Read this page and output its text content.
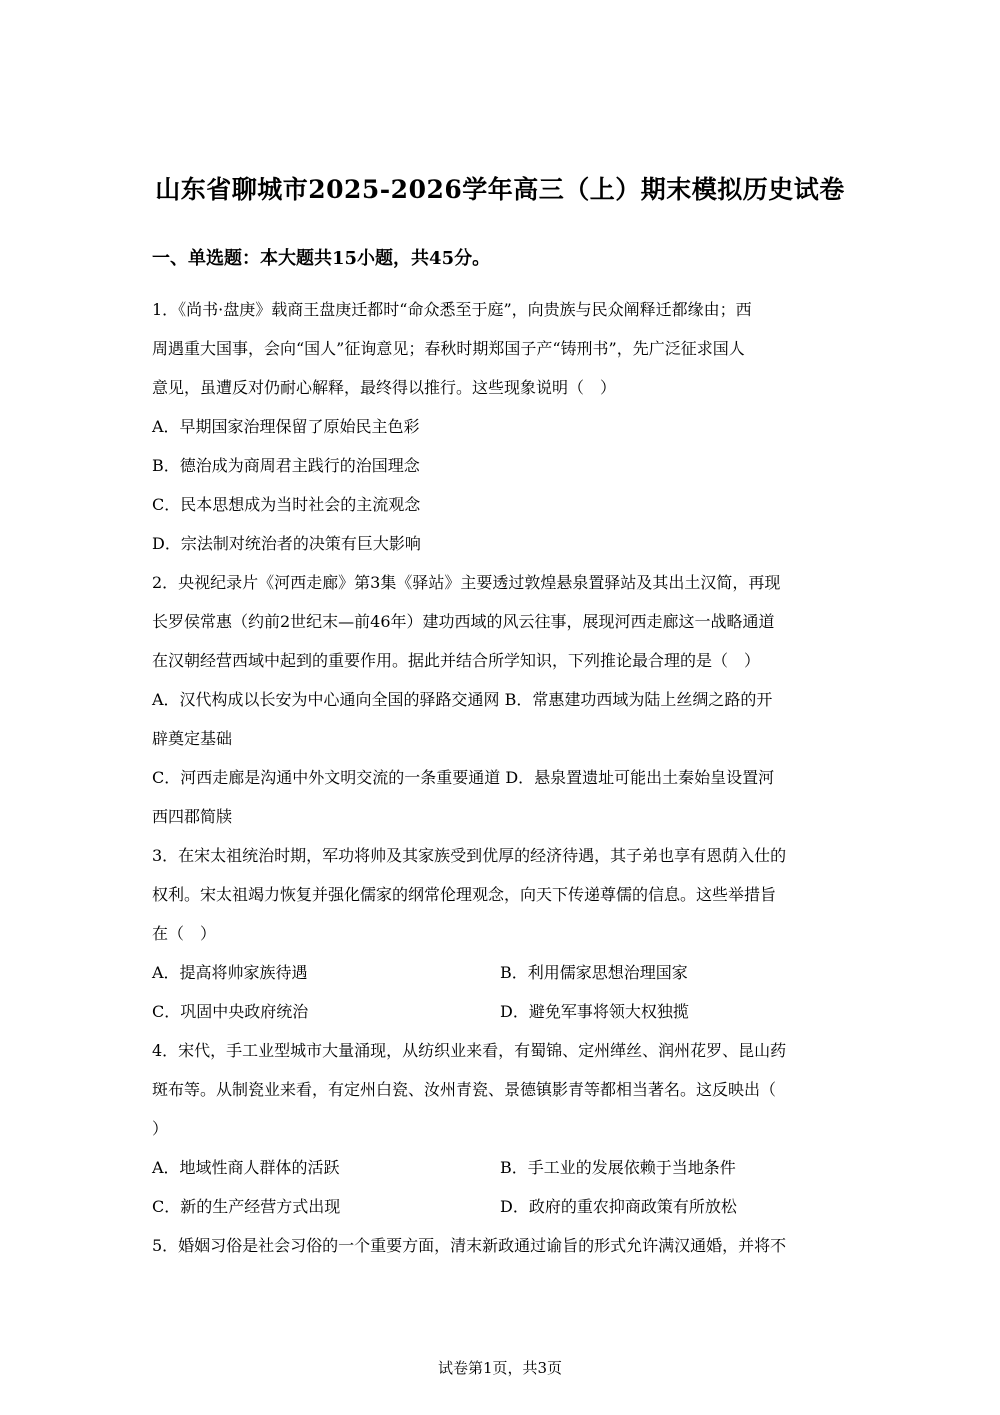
山东省聊城市2025-2026学年高三（上）期末模拟历史试卷
一、单选题：本大题共15小题，共45分。

1．《尚书·盘庚》载商王盘庚迁都时“命众悉至于庭”，向贵族与民众阐释迁都缘由；西

周遇重大国事，会向“国人”征询意见；春秋时期郑国子产“铸刑书”，先广泛征求国人

意见，虽遭反对仍耐心解释，最终得以推行。这些现象说明（　）

A．早期国家治理保留了原始民主色彩

B．德治成为商周君主践行的治国理念

C．民本思想成为当时社会的主流观念

D．宗法制对统治者的决策有巨大影响

2．央视纪录片《河西走廊》第3集《驿站》主要透过敦煌悬泉置驿站及其出土汉简，再现

长罗侯常惠（约前2世纪末—前46年）建功西域的风云往事，展现河西走廊这一战略通道

在汉朝经营西域中起到的重要作用。据此并结合所学知识，下列推论最合理的是（　）

A．汉代构成以长安为中心通向全国的驿路交通网 B．常惠建功西域为陆上丝绸之路的开

辟奠定基础

C．河西走廊是沟通中外文明交流的一条重要通道 D．悬泉置遗址可能出土秦始皇设置河

西四郡简牍

3．在宋太祖统治时期，军功将帅及其家族受到优厚的经济待遇，其子弟也享有恩荫入仕的

权利。宋太祖竭力恢复并强化儒家的纲常伦理观念，向天下传递尊儒的信息。这些举措旨

在（　）

A．提高将帅家族待遇	B．利用儒家思想治理国家
C．巩固中央政府统治	D．避免军事将领大权独揽

4．宋代，手工业型城市大量涌现，从纺织业来看，有蜀锦、定州缂丝、润州花罗、昆山药

斑布等。从制瓷业来看，有定州白瓷、汝州青瓷、景德镇影青等都相当著名。这反映出（

）

A．地域性商人群体的活跃	B．手工业的发展依赖于当地条件
C．新的生产经营方式出现	D．政府的重农抑商政策有所放松

5．婚姻习俗是社会习俗的一个重要方面，清末新政通过谕旨的形式允许满汉通婚，并将不

试卷第1页，共3页
